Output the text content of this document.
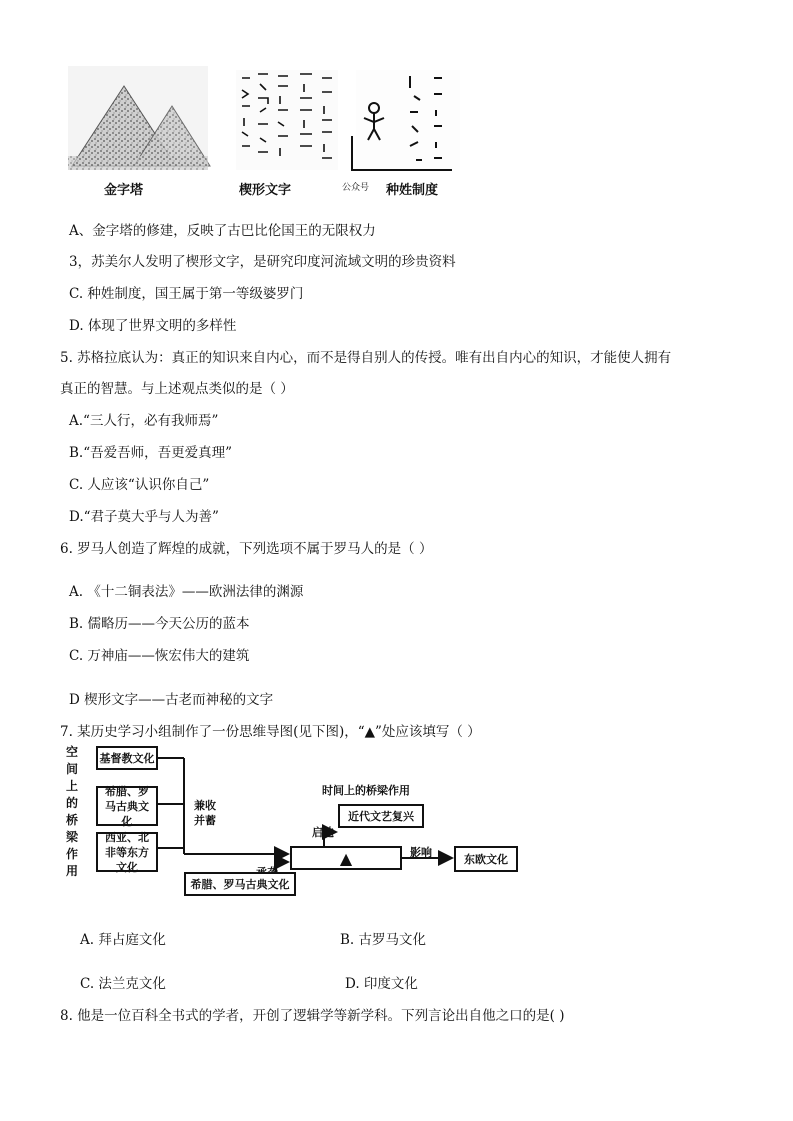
金字塔	楔形文字	公众号 种姓制度
A、金字塔的修建，反映了古巴比伦国王的无限权力
3，苏美尔人发明了楔形文字，是研究印度河流域文明的珍贵资料
C. 种姓制度，国王属于第一等级婆罗门
D. 体现了世界文明的多样性
5. 苏格拉底认为：真正的知识来自内心，而不是得自别人的传授。唯有出自内心的知识，才能使人拥有
真正的智慧。与上述观点类似的是（ ）
A.“三人行，必有我师焉”
B.“吾爱吾师，吾更爱真理”
C. 人应该“认识你自己”
D.“君子莫大乎与人为善”
6. 罗马人创造了辉煌的成就，下列选项不属于罗马人的是（ ）
A. 《十二铜表法》——欧洲法律的渊源
B. 儒略历——今天公历的蓝本
C. 万神庙——恢宏伟大的建筑
D 楔形文字——古老而神秘的文字
7. 某历史学习小组制作了一份思维导图(见下图)，“▲”处应该填写（ ）
空间上的桥梁作用
基督教文化
希腊、罗马古典文化
西亚、北非等东方文化
兼收并蓄
时间上的桥梁作用
▲
希腊、罗马古典文化
启迪
近代文艺复兴
影响	东欧文化
A. 拜占庭文化	B. 古罗马文化
C. 法兰克文化	D. 印度文化
8. 他是一位百科全书式的学者，开创了逻辑学等新学科。下列言论出自他之口的是( )
